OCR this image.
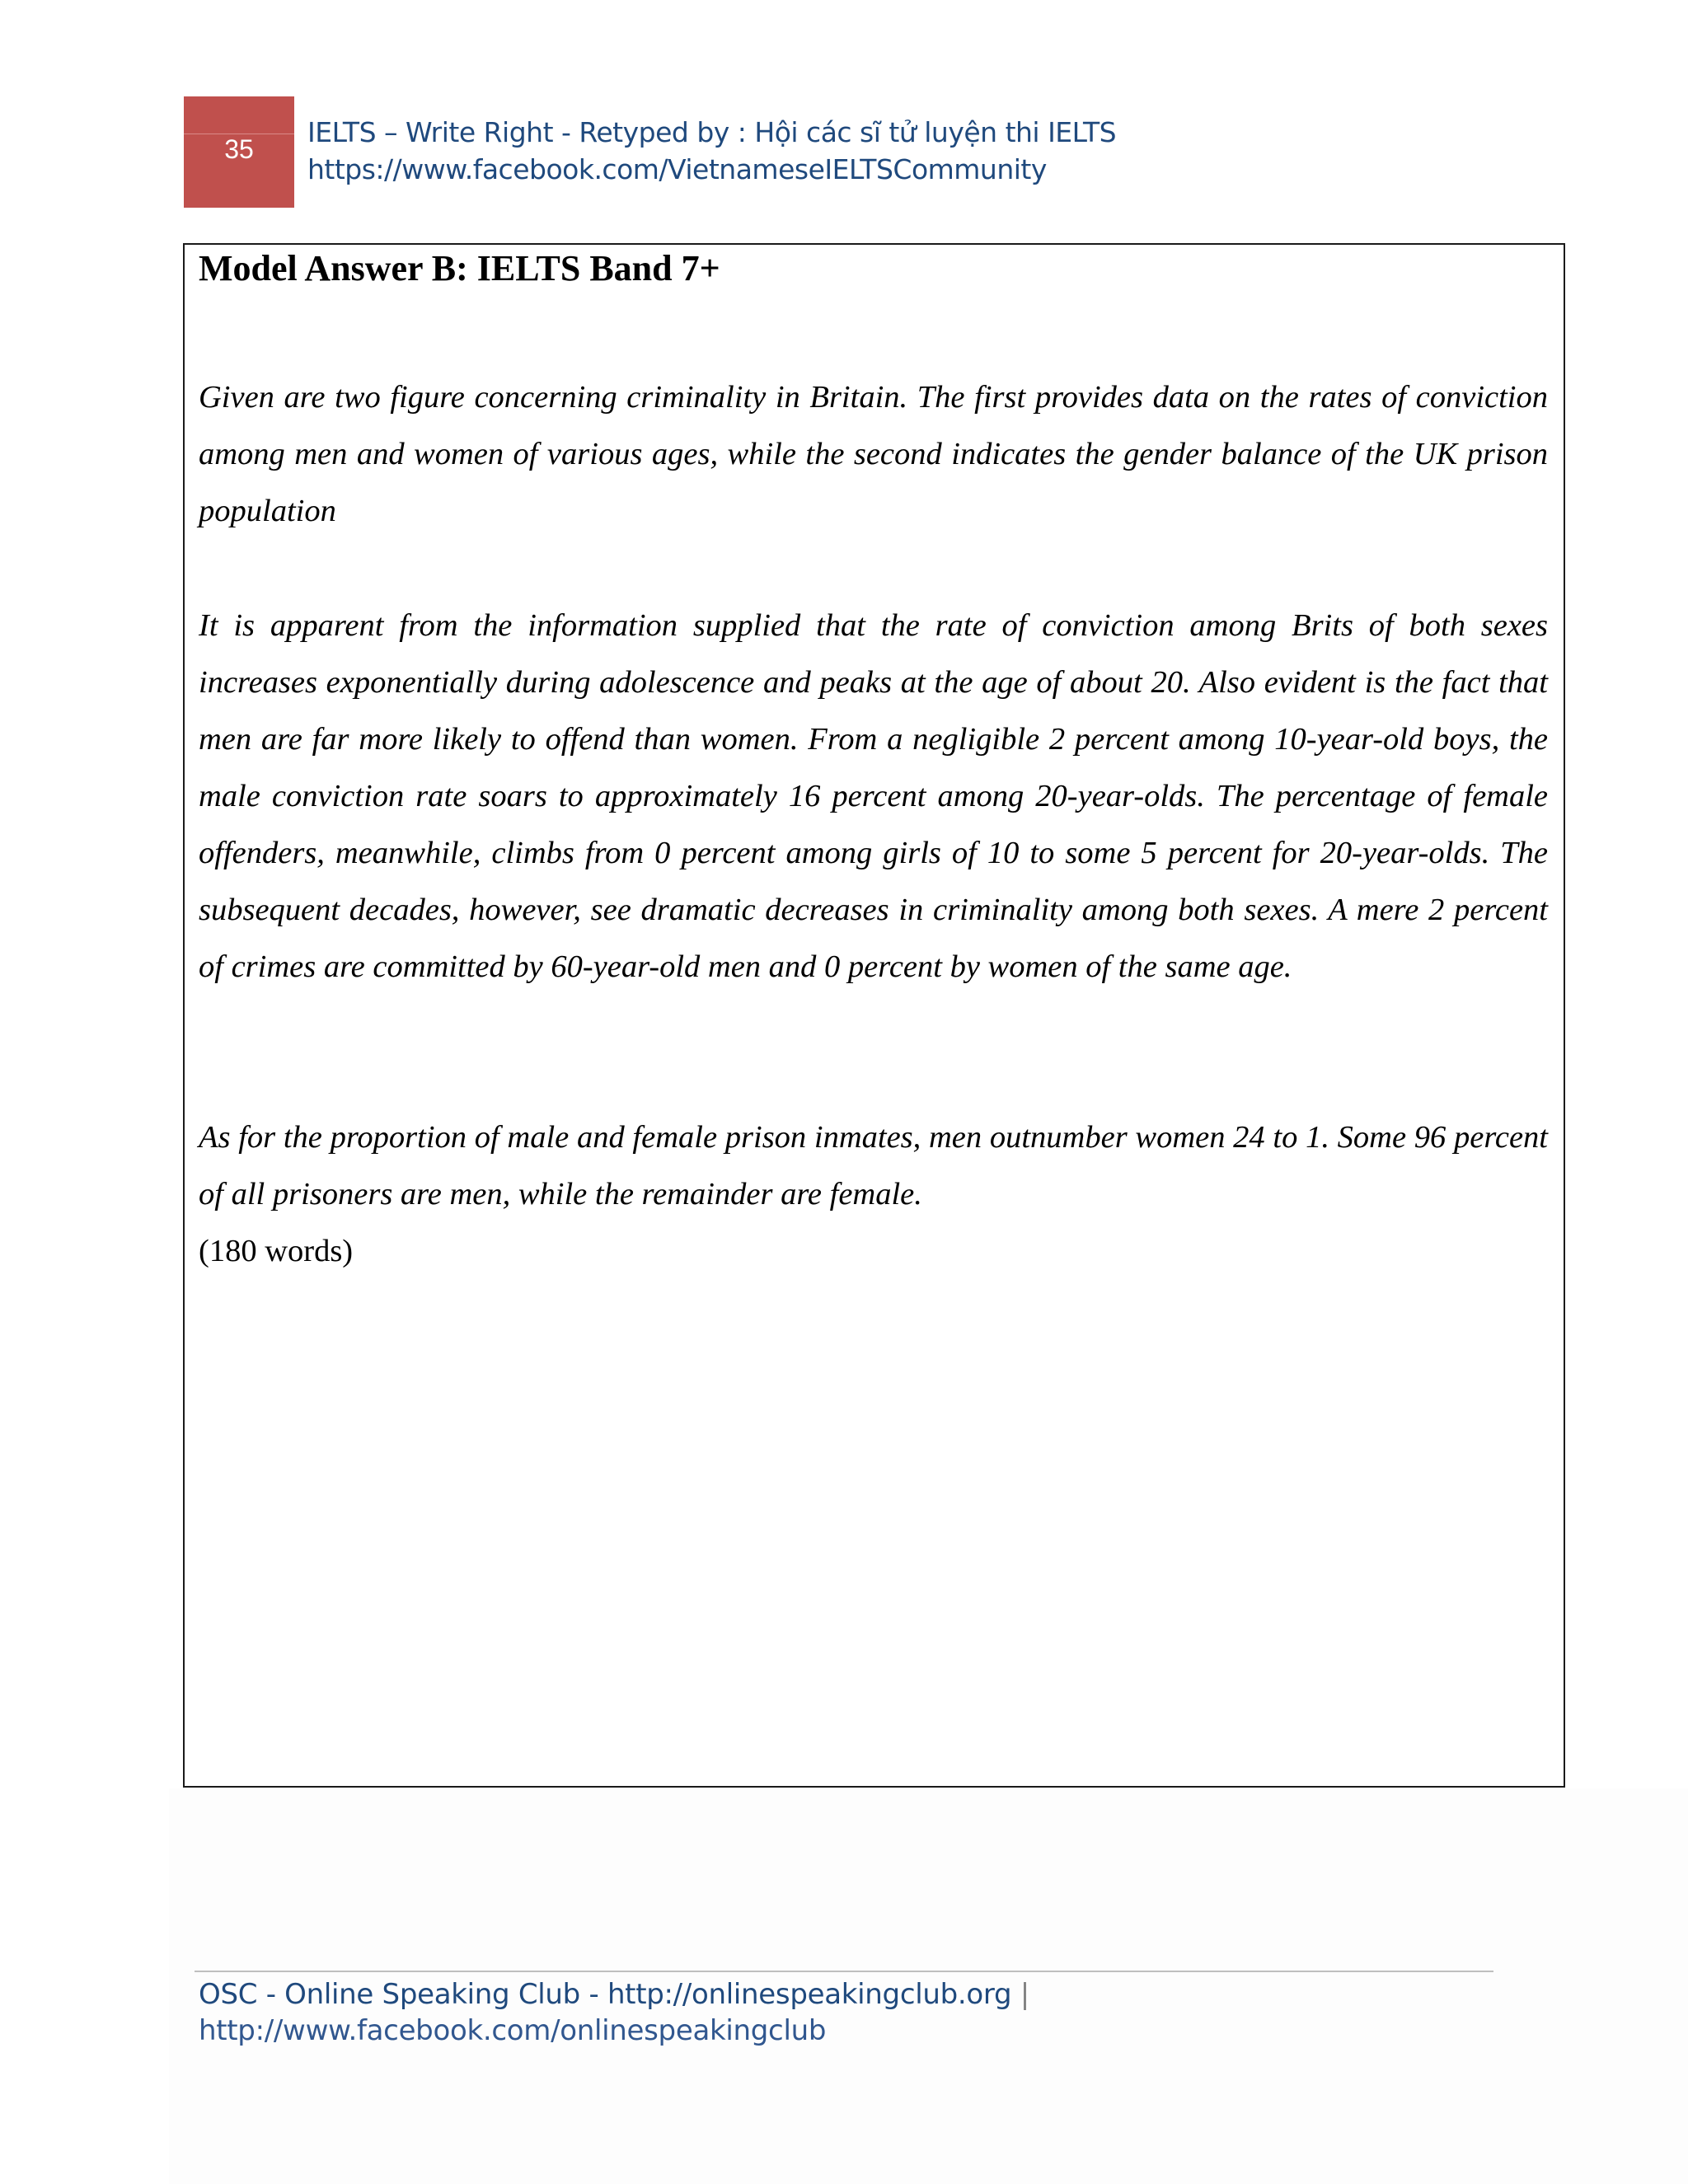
35
IELTS – Write Right - Retyped by : Hội các sĩ tử luyện thi IELTS
https://www.facebook.com/VietnameseIELTSCommunity
Model Answer B: IELTS Band 7+

Given are two figure concerning criminality in Britain. The first provides data on the rates of conviction among men and women of various ages, while the second indicates the gender balance of the UK prison population

It is apparent from the information supplied that the rate of conviction among Brits of both sexes increases exponentially during adolescence and peaks at the age of about 20. Also evident is the fact that men are far more likely to offend than women. From a negligible 2 percent among 10-year-old boys, the male conviction rate soars to approximately 16 percent among 20-year-olds. The percentage of female offenders, meanwhile, climbs from 0 percent among girls of 10 to some 5 percent for 20-year-olds. The subsequent decades, however, see dramatic decreases in criminality among both sexes. A mere 2 percent of crimes are committed by 60-year-old men and 0 percent by women of the same age.

As for the proportion of male and female prison inmates, men outnumber women 24 to 1. Some 96 percent of all prisoners are men, while the remainder are female.

(180 words)
OSC - Online Speaking Club - http://onlinespeakingclub.org |
http://www.facebook.com/onlinespeakingclub
